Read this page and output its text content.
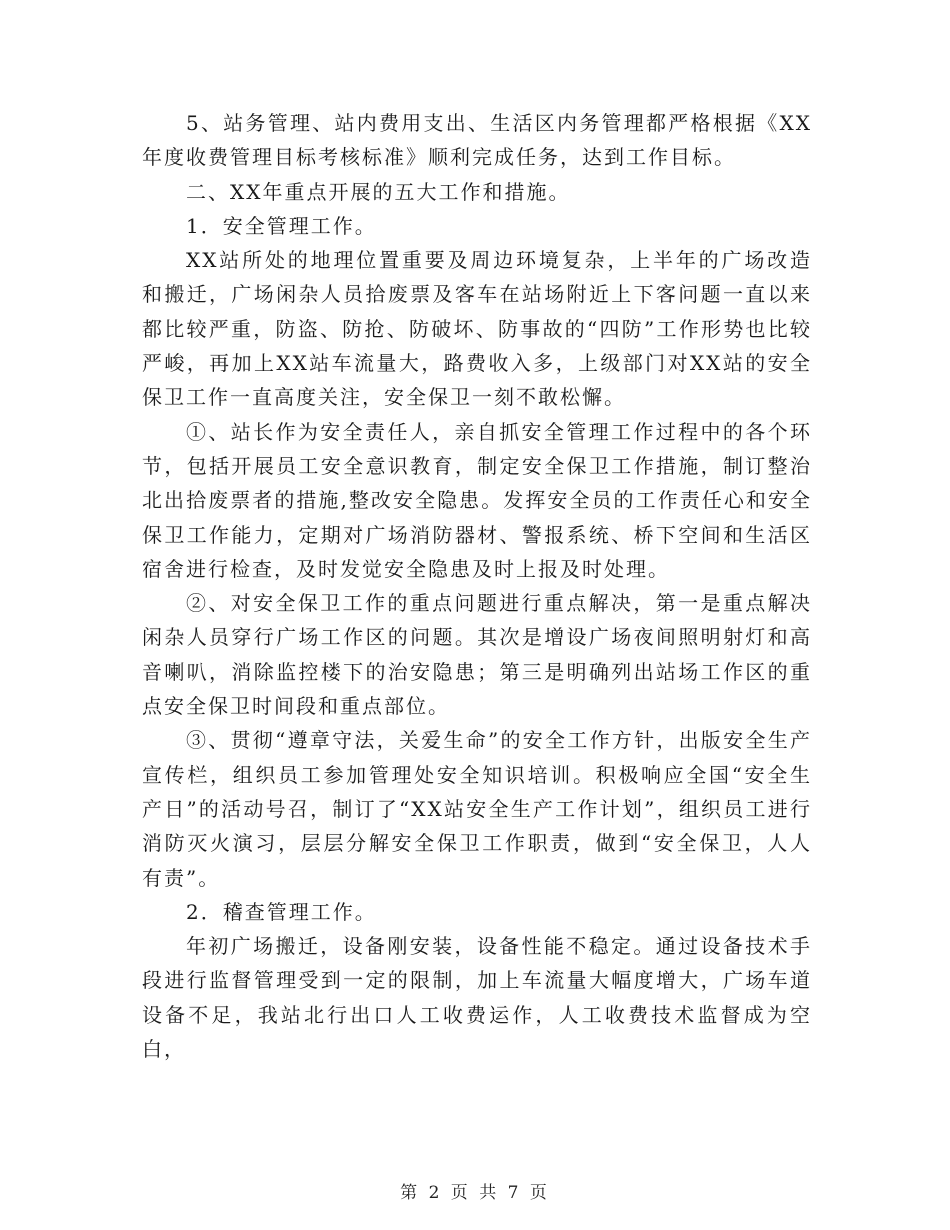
5、站务管理、站内费用支出、生活区内务管理都严格根据《XX年度收费管理目标考核标准》顺利完成任务，达到工作目标。

二、XX年重点开展的五大工作和措施。

1．安全管理工作。

XX站所处的地理位置重要及周边环境复杂，上半年的广场改造和搬迁，广场闲杂人员拾废票及客车在站场附近上下客问题一直以来都比较严重，防盗、防抢、防破坏、防事故的“四防”工作形势也比较严峻，再加上XX站车流量大，路费收入多，上级部门对XX站的安全保卫工作一直高度关注，安全保卫一刻不敢松懈。

①、站长作为安全责任人，亲自抓安全管理工作过程中的各个环节，包括开展员工安全意识教育，制定安全保卫工作措施，制订整治北出拾废票者的措施,整改安全隐患。发挥安全员的工作责任心和安全保卫工作能力，定期对广场消防器材、警报系统、桥下空间和生活区宿舍进行检查，及时发觉安全隐患及时上报及时处理。

②、对安全保卫工作的重点问题进行重点解决，第一是重点解决闲杂人员穿行广场工作区的问题。其次是增设广场夜间照明射灯和高音喇叭，消除监控楼下的治安隐患；第三是明确列出站场工作区的重点安全保卫时间段和重点部位。

③、贯彻“遵章守法，关爱生命”的安全工作方针，出版安全生产宣传栏，组织员工参加管理处安全知识培训。积极响应全国“安全生产日”的活动号召，制订了“XX站安全生产工作计划”，组织员工进行消防灭火演习，层层分解安全保卫工作职责，做到“安全保卫，人人有责”。

2．稽查管理工作。

年初广场搬迁，设备刚安装，设备性能不稳定。通过设备技术手段进行监督管理受到一定的限制，加上车流量大幅度增大，广场车道设备不足，我站北行出口人工收费运作，人工收费技术监督成为空白，

第 2 页 共 7 页
